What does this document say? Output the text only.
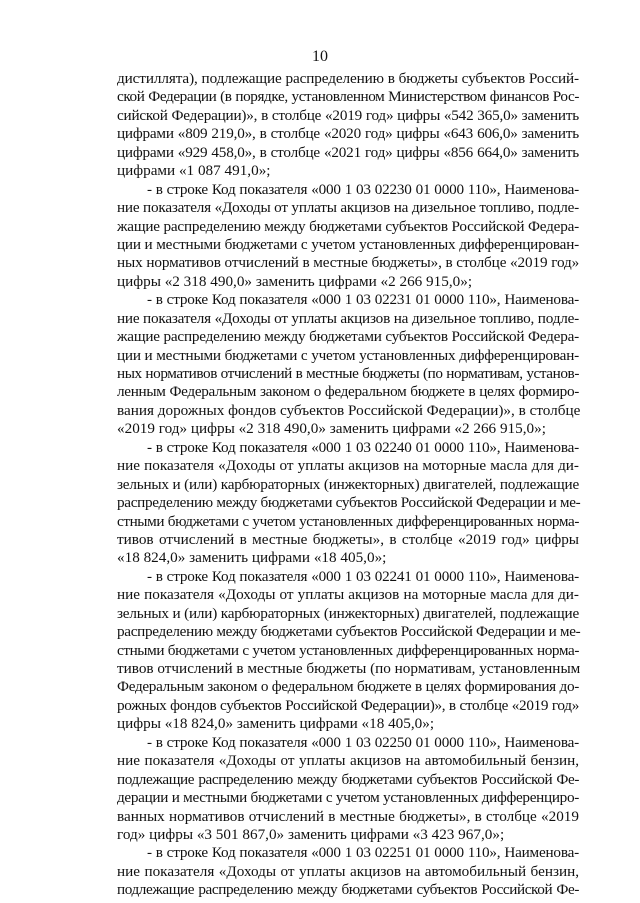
10
дистиллята), подлежащие распределению в бюджеты субъектов Россий-
ской Федерации (в порядке, установленном Министерством финансов Рос-
сийской Федерации)», в столбце «2019 год» цифры «542 365,0» заменить
цифрами «809 219,0», в столбце «2020 год» цифры «643 606,0» заменить
цифрами «929 458,0», в столбце «2021 год» цифры «856 664,0» заменить
цифрами «1 087 491,0»;
- в строке Код показателя «000 1 03 02230 01 0000 110», Наименова-
ние показателя «Доходы от уплаты акцизов на дизельное топливо, подле-
жащие распределению между бюджетами субъектов Российской Федера-
ции и местными бюджетами с учетом установленных дифференцирован-
ных нормативов отчислений в местные бюджеты», в столбце «2019 год»
цифры «2 318 490,0» заменить цифрами «2 266 915,0»;
- в строке Код показателя «000 1 03 02231 01 0000 110», Наименова-
ние показателя «Доходы от уплаты акцизов на дизельное топливо, подле-
жащие распределению между бюджетами субъектов Российской Федера-
ции и местными бюджетами с учетом установленных дифференцирован-
ных нормативов отчислений в местные бюджеты (по нормативам, установ-
ленным Федеральным законом о федеральном бюджете в целях формиро-
вания дорожных фондов субъектов Российской Федерации)», в столбце
«2019 год» цифры «2 318 490,0» заменить цифрами «2 266 915,0»;
- в строке Код показателя «000 1 03 02240 01 0000 110», Наименова-
ние показателя «Доходы от уплаты акцизов на моторные масла для ди-
зельных и (или) карбюраторных (инжекторных) двигателей, подлежащие
распределению между бюджетами субъектов Российской Федерации и ме-
стными бюджетами с учетом установленных дифференцированных норма-
тивов отчислений в местные бюджеты», в столбце «2019 год» цифры
«18 824,0» заменить цифрами «18 405,0»;
- в строке Код показателя «000 1 03 02241 01 0000 110», Наименова-
ние показателя «Доходы от уплаты акцизов на моторные масла для ди-
зельных и (или) карбюраторных (инжекторных) двигателей, подлежащие
распределению между бюджетами субъектов Российской Федерации и ме-
стными бюджетами с учетом установленных дифференцированных норма-
тивов отчислений в местные бюджеты (по нормативам, установленным
Федеральным законом о федеральном бюджете в целях формирования до-
рожных фондов субъектов Российской Федерации)», в столбце «2019 год»
цифры «18 824,0» заменить цифрами «18 405,0»;
- в строке Код показателя «000 1 03 02250 01 0000 110», Наименова-
ние показателя «Доходы от уплаты акцизов на автомобильный бензин,
подлежащие распределению между бюджетами субъектов Российской Фе-
дерации и местными бюджетами с учетом установленных дифференциро-
ванных нормативов отчислений в местные бюджеты», в столбце «2019
год» цифры «3 501 867,0» заменить цифрами «3 423 967,0»;
- в строке Код показателя «000 1 03 02251 01 0000 110», Наименова-
ние показателя «Доходы от уплаты акцизов на автомобильный бензин,
подлежащие распределению между бюджетами субъектов Российской Фе-
